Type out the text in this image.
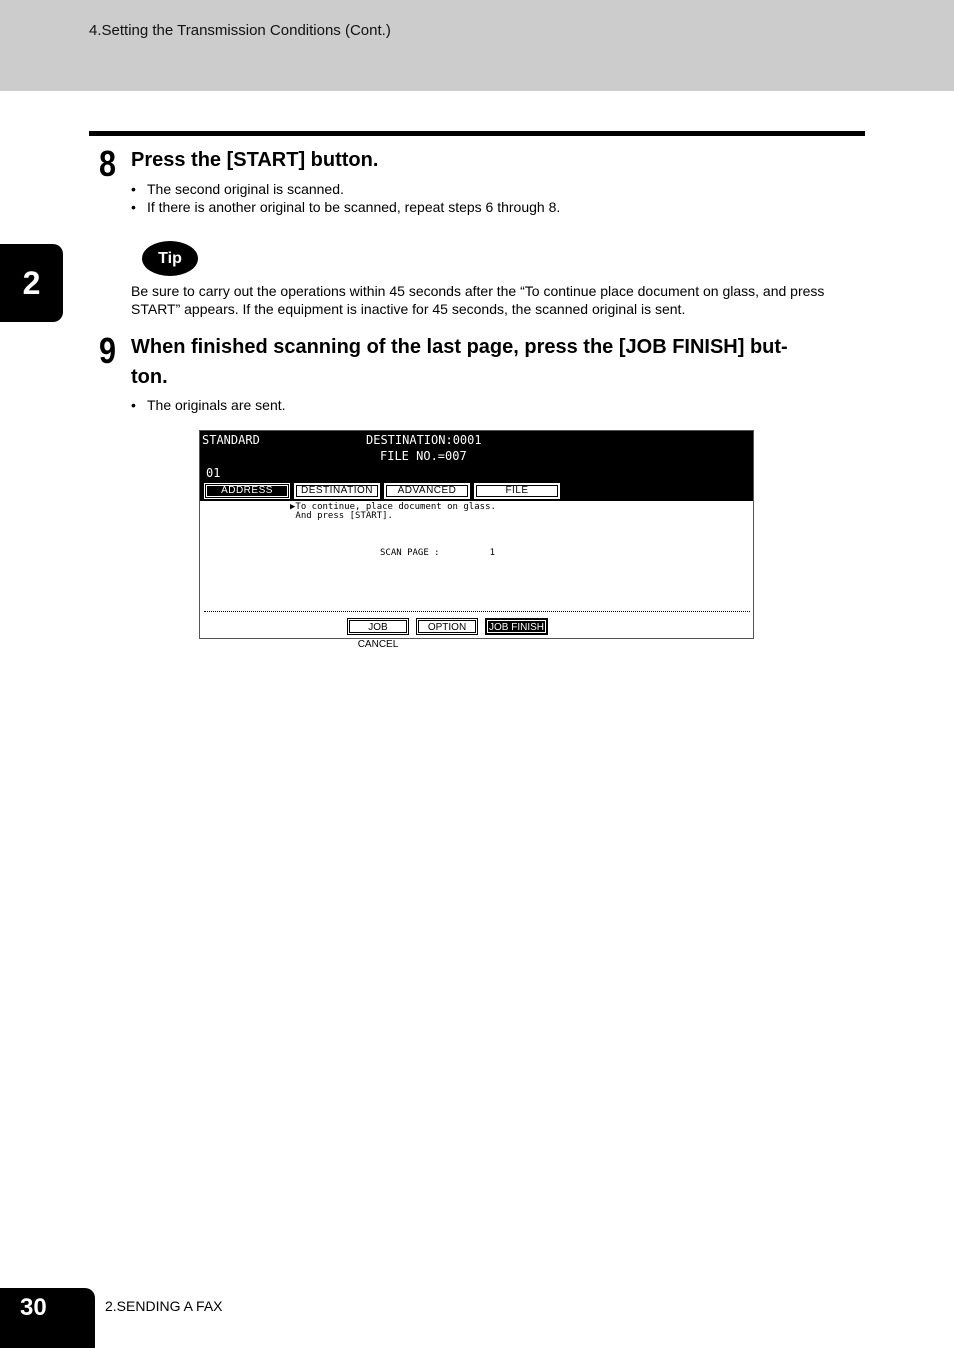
4.Setting the Transmission Conditions (Cont.)
2
8 Press the [START] button.
• The second original is scanned.
• If there is another original to be scanned, repeat steps 6 through 8.
Tip
Be sure to carry out the operations within 45 seconds after the “To continue place document on glass, and press START” appears. If the equipment is inactive for 45 seconds, the scanned original is sent.
9 When finished scanning of the last page, press the [JOB FINISH] but-
ton.
• The originals are sent.
STANDARD	DESTINATION:0001
FILE NO.=007
01
ADDRESS	DESTINATION	ADVANCED	FILE
▶To continue, place document on glass.
And press [START].
SCAN PAGE :	1
JOB CANCEL
OPTION	JOB FINISH
30	2.SENDING A FAX
